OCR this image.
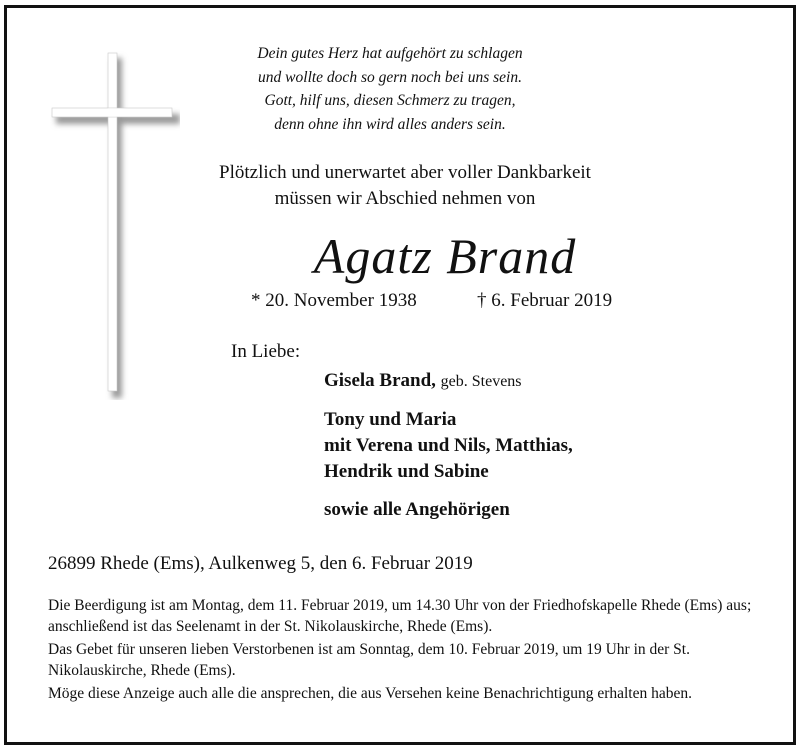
Dein gutes Herz hat aufgehört zu schlagen
und wollte doch so gern noch bei uns sein.
Gott, hilf uns, diesen Schmerz zu tragen,
denn ohne ihn wird alles anders sein.
Plötzlich und unerwartet aber voller Dankbarkeit
müssen wir Abschied nehmen von
Agatz Brand
* 20. November 1938	† 6. Februar 2019
In Liebe:
Gisela Brand, geb. Stevens
Tony und Maria
mit Verena und Nils, Matthias,
Hendrik und Sabine
sowie alle Angehörigen
26899 Rhede (Ems), Aulkenweg 5, den 6. Februar 2019

Die Beerdigung ist am Montag, dem 11. Februar 2019, um 14.30 Uhr von der Friedhofskapelle Rhede (Ems) aus; anschließend ist das Seelenamt in der St. Nikolauskirche, Rhede (Ems).

Das Gebet für unseren lieben Verstorbenen ist am Sonntag, dem 10. Februar 2019, um 19 Uhr in der St. Nikolauskirche, Rhede (Ems).

Möge diese Anzeige auch alle die ansprechen, die aus Versehen keine Benachrichtigung erhalten haben.
